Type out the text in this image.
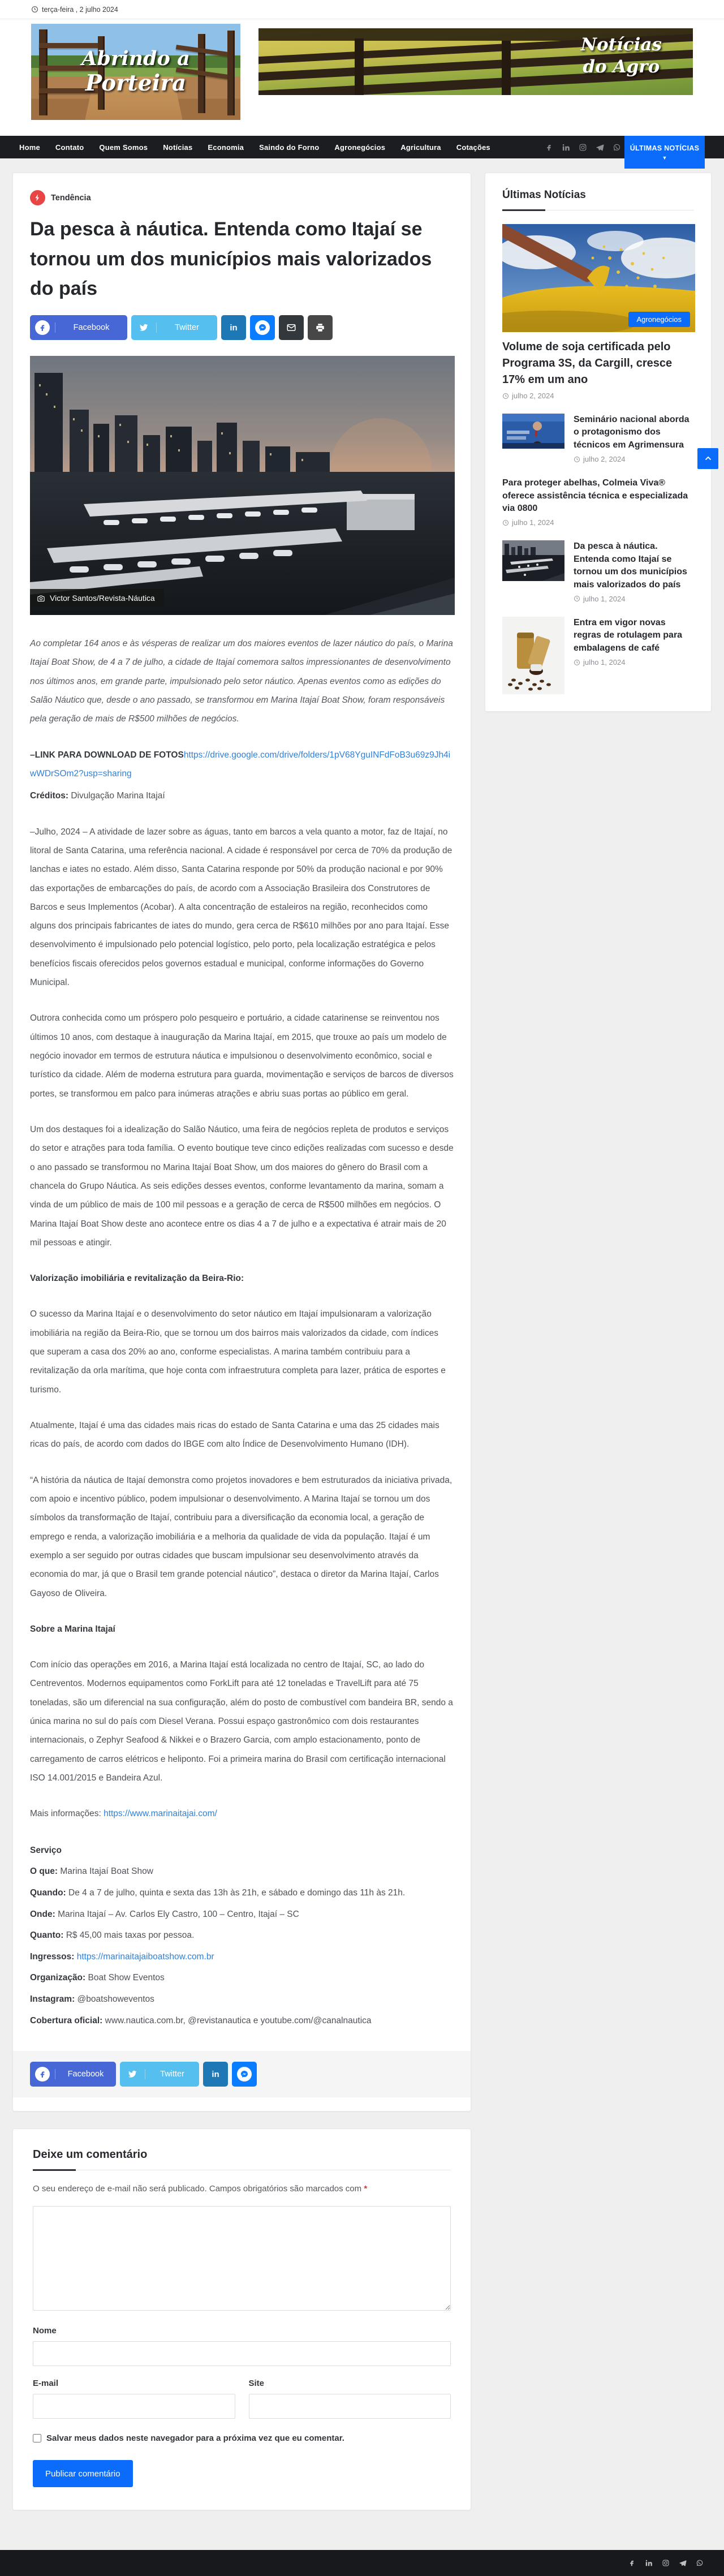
terça-feira , 2 julho 2024
Abrindo a
Porteira
Notícias
do Agro
Home Contato Quem Somos Notícias Economia Saindo do Forno Agronegócios Agricultura Cotações	ÚLTIMAS NOTÍCIAS
▼
Tendência
Da pesca à náutica. Entenda como Itajaí se tornou um dos municípios mais valorizados do país
Facebook	Twitter	in
Victor Santos/Revista-Náutica

Ao completar 164 anos e às vésperas de realizar um dos maiores eventos de lazer náutico do país, o Marina Itajaí Boat Show, de 4 a 7 de julho, a cidade de Itajaí comemora saltos impressionantes de desenvolvimento nos últimos anos, em grande parte, impulsionado pelo setor náutico. Apenas eventos como as edições do Salão Náutico que, desde o ano passado, se transformou em Marina Itajaí Boat Show, foram responsáveis pela geração de mais de R$500 milhões de negócios.

–LINK PARA DOWNLOAD DE FOTOShttps://drive.google.com/drive/folders/1pV68YguINFdFoB3u69z9Jh4iwWDrSOm2?usp=sharing

Créditos: Divulgação Marina Itajaí

–Julho, 2024 – A atividade de lazer sobre as águas, tanto em barcos a vela quanto a motor, faz de Itajaí, no litoral de Santa Catarina, uma referência nacional. A cidade é responsável por cerca de 70% da produção de lanchas e iates no estado. Além disso, Santa Catarina responde por 50% da produção nacional e por 90% das exportações de embarcações do país, de acordo com a Associação Brasileira dos Construtores de Barcos e seus Implementos (Acobar). A alta concentração de estaleiros na região, reconhecidos como alguns dos principais fabricantes de iates do mundo, gera cerca de R$610 milhões por ano para Itajaí. Esse desenvolvimento é impulsionado pelo potencial logístico, pelo porto, pela localização estratégica e pelos benefícios fiscais oferecidos pelos governos estadual e municipal, conforme informações do Governo Municipal.

Outrora conhecida como um próspero polo pesqueiro e portuário, a cidade catarinense se reinventou nos últimos 10 anos, com destaque à inauguração da Marina Itajaí, em 2015, que trouxe ao país um modelo de negócio inovador em termos de estrutura náutica e impulsionou o desenvolvimento econômico, social e turístico da cidade. Além de moderna estrutura para guarda, movimentação e serviços de barcos de diversos portes, se transformou em palco para inúmeras atrações e abriu suas portas ao público em geral.

Um dos destaques foi a idealização do Salão Náutico, uma feira de negócios repleta de produtos e serviços do setor e atrações para toda família. O evento boutique teve cinco edições realizadas com sucesso e desde o ano passado se transformou no Marina Itajaí Boat Show, um dos maiores do gênero do Brasil com a chancela do Grupo Náutica. As seis edições desses eventos, conforme levantamento da marina, somam a vinda de um público de mais de 100 mil pessoas e a geração de cerca de R$500 milhões em negócios. O Marina Itajaí Boat Show deste ano acontece entre os dias 4 a 7 de julho e a expectativa é atrair mais de 20 mil pessoas e atingir.

Valorização imobiliária e revitalização da Beira-Rio:

O sucesso da Marina Itajaí e o desenvolvimento do setor náutico em Itajaí impulsionaram a valorização imobiliária na região da Beira-Rio, que se tornou um dos bairros mais valorizados da cidade, com índices que superam a casa dos 20% ao ano, conforme especialistas. A marina também contribuiu para a revitalização da orla marítima, que hoje conta com infraestrutura completa para lazer, prática de esportes e turismo.

Atualmente, Itajaí é uma das cidades mais ricas do estado de Santa Catarina e uma das 25 cidades mais ricas do país, de acordo com dados do IBGE com alto Índice de Desenvolvimento Humano (IDH).

“A história da náutica de Itajaí demonstra como projetos inovadores e bem estruturados da iniciativa privada, com apoio e incentivo público, podem impulsionar o desenvolvimento. A Marina Itajaí se tornou um dos símbolos da transformação de Itajaí, contribuiu para a diversificação da economia local, a geração de emprego e renda, a valorização imobiliária e a melhoria da qualidade de vida da população. Itajaí é um exemplo a ser seguido por outras cidades que buscam impulsionar seu desenvolvimento através da economia do mar, já que o Brasil tem grande potencial náutico”, destaca o diretor da Marina Itajaí, Carlos Gayoso de Oliveira.

Sobre a Marina Itajaí

Com início das operações em 2016, a Marina Itajaí está localizada no centro de Itajaí, SC, ao lado do Centreventos. Modernos equipamentos como ForkLift para até 12 toneladas e TravelLift para até 75 toneladas, são um diferencial na sua configuração, além do posto de combustível com bandeira BR, sendo a única marina no sul do país com Diesel Verana. Possui espaço gastronômico com dois restaurantes internacionais, o Zephyr Seafood & Nikkei e o Brazero Garcia, com amplo estacionamento, ponto de carregamento de carros elétricos e heliponto. Foi a primeira marina do Brasil com certificação internacional ISO 14.001/2015 e Bandeira Azul.

Mais informações: https://www.marinaitajai.com/

Serviço
O que: Marina Itajaí Boat Show
Quando: De 4 a 7 de julho, quinta e sexta das 13h às 21h, e sábado e domingo das 11h às 21h.
Onde: Marina Itajaí – Av. Carlos Ely Castro, 100 – Centro, Itajaí – SC
Quanto: R$ 45,00 mais taxas por pessoa.
Ingressos: https://marinaitajaiboatshow.com.br
Organização: Boat Show Eventos
Instagram: @boatshoweventos
Cobertura oficial: www.nautica.com.br, @revistanautica e youtube.com/@canalnautica
Facebook	Twitter	in
Últimas Notícias
Agronegócios
Volume de soja certificada pelo Programa 3S, da Cargill, cresce 17% em um ano
julho 2, 2024
Seminário nacional aborda o protagonismo dos técnicos em Agrimensura
julho 2, 2024
Para proteger abelhas, Colmeia Viva® oferece assistência técnica e especializada via 0800
julho 1, 2024
Da pesca à náutica. Entenda como Itajaí se tornou um dos municípios mais valorizados do país
julho 1, 2024
Entra em vigor novas regras de rotulagem para embalagens de café
julho 1, 2024
Deixe um comentário

O seu endereço de e-mail não será publicado. Campos obrigatórios são marcados com *

Nome
E-mail	Site
Salvar meus dados neste navegador para a próxima vez que eu comentar.
Publicar comentário
